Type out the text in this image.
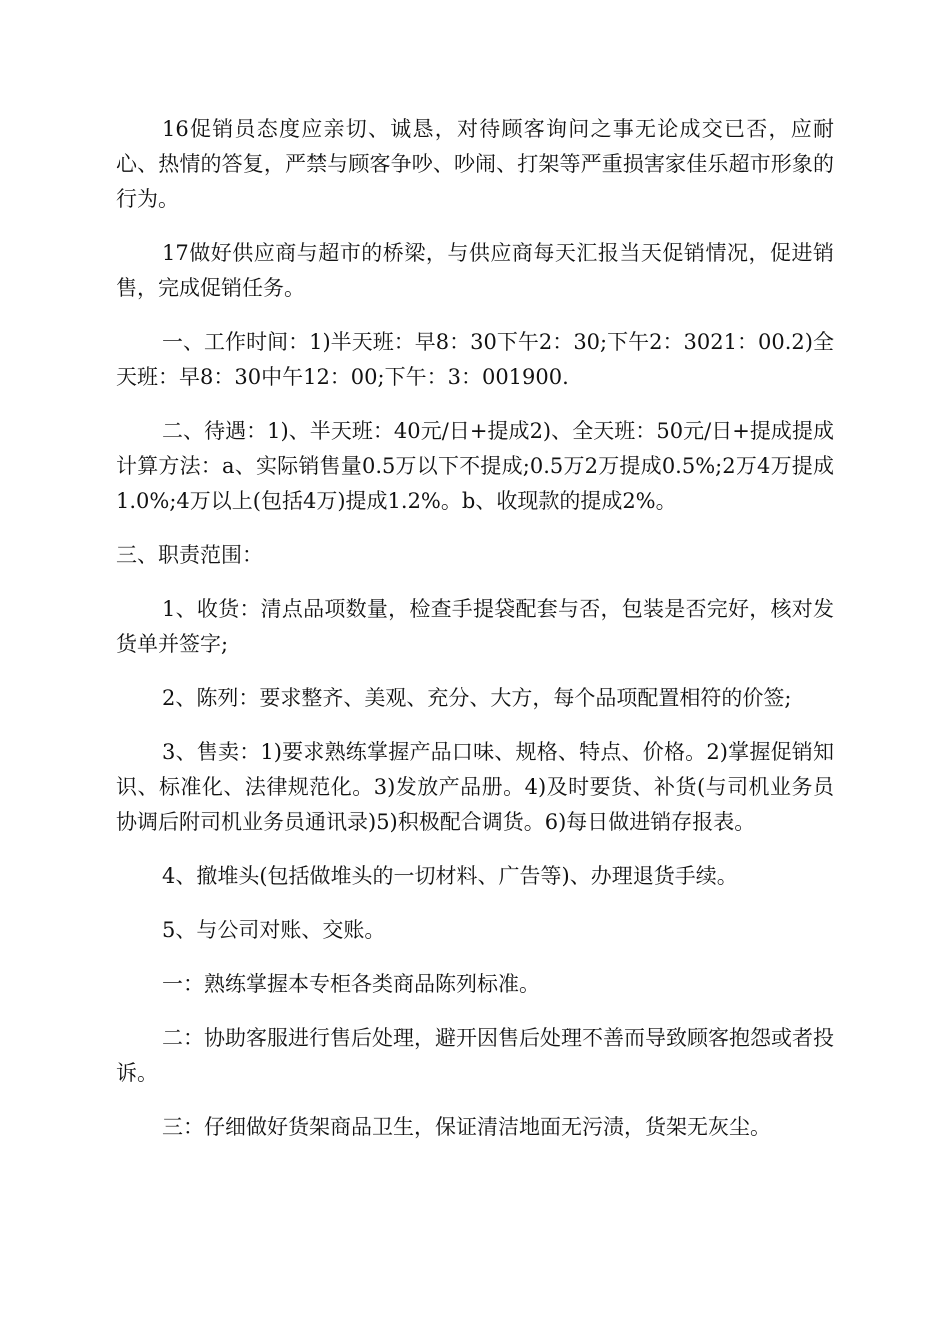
16促销员态度应亲切、诚恳，对待顾客询问之事无论成交已否，应耐心、热情的答复，严禁与顾客争吵、吵闹、打架等严重损害家佳乐超市形象的行为。

17做好供应商与超市的桥梁，与供应商每天汇报当天促销情况，促进销售，完成促销任务。

一、工作时间：1)半天班：早8：30下午2：30;下午2：3021：00.2)全天班：早8：30中午12：00;下午：3：001900.

二、待遇：1)、半天班：40元/日+提成2)、全天班：50元/日+提成提成计算方法：a、实际销售量0.5万以下不提成;0.5万2万提成0.5%;2万4万提成1.0%;4万以上(包括4万)提成1.2%。b、收现款的提成2%。

三、职责范围：

1、收货：清点品项数量，检查手提袋配套与否，包装是否完好，核对发货单并签字;

2、陈列：要求整齐、美观、充分、大方，每个品项配置相符的价签;

3、售卖：1)要求熟练掌握产品口味、规格、特点、价格。2)掌握促销知识、标准化、法律规范化。3)发放产品册。4)及时要货、补货(与司机业务员协调后附司机业务员通讯录)5)积极配合调货。6)每日做进销存报表。

4、撤堆头(包括做堆头的一切材料、广告等)、办理退货手续。

5、与公司对账、交账。

一：熟练掌握本专柜各类商品陈列标准。

二：协助客服进行售后处理，避开因售后处理不善而导致顾客抱怨或者投诉。

三：仔细做好货架商品卫生，保证清洁地面无污渍，货架无灰尘。
